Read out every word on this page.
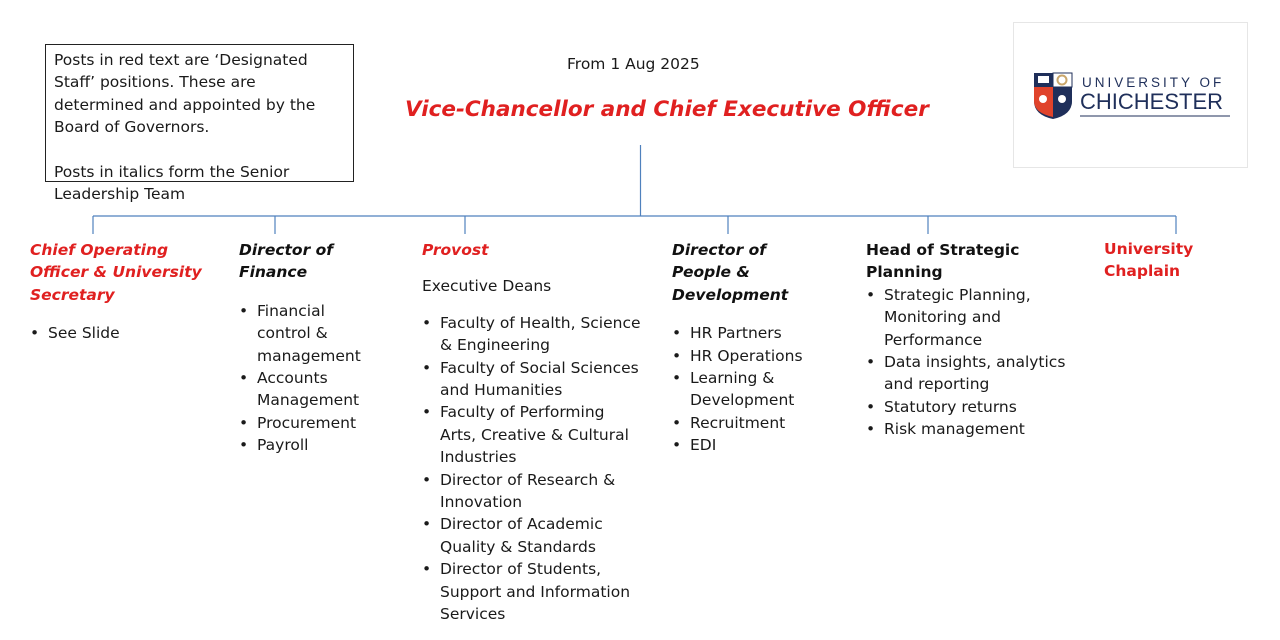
Posts in red text are ‘Designated Staff’ positions. These are determined and appointed by the Board of Governors.

Posts in italics form the Senior Leadership Team

From 1 Aug 2025
Vice-Chancellor and Chief Executive Officer
UNIVERSITY OF
CHICHESTER
Chief Operating Officer & University Secretary
• See Slide
Director of Finance
• Financial control & management
• Accounts Management
• Procurement
• Payroll
Provost
Executive Deans
• Faculty of Health, Science & Engineering
• Faculty of Social Sciences and Humanities
• Faculty of Performing Arts, Creative & Cultural Industries
• Director of Research & Innovation
• Director of Academic Quality & Standards
• Director of Students, Support and Information Services
Director of People & Development
• HR Partners
• HR Operations
• Learning & Development
• Recruitment
• EDI
Head of Strategic Planning
• Strategic Planning, Monitoring and Performance
• Data insights, analytics and reporting
• Statutory returns
• Risk management
University Chaplain
